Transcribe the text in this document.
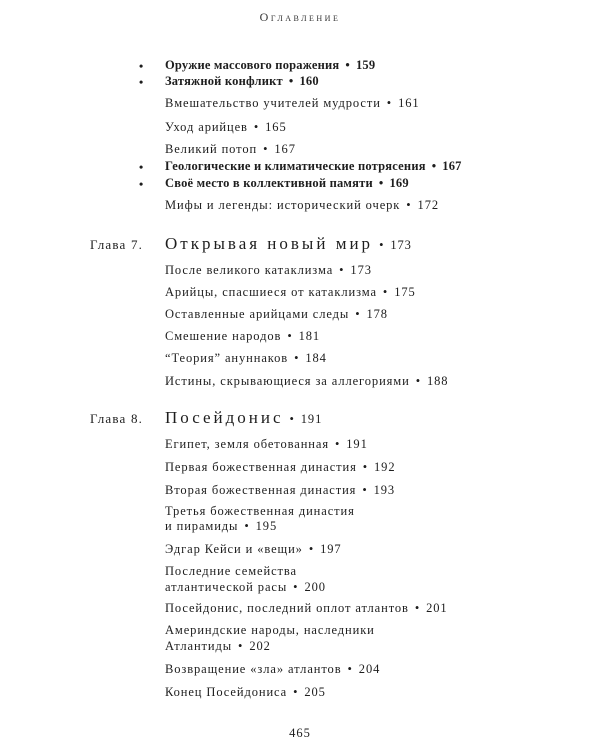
Оглавление
• Оружие массового поражения • 159
• Затяжной конфликт • 160
Вмешательство учителей мудрости • 161
Уход арийцев • 165
Великий потоп • 167
• Геологические и климатические потрясения • 167
• Своё место в коллективной памяти • 169
Мифы и легенды: исторический очерк • 172
Глава 7. Открывая новый мир • 173
После великого катаклизма • 173
Арийцы, спасшиеся от катаклизма • 175
Оставленные арийцами следы • 178
Смешение народов • 181
“Теория” ануннаков • 184
Истины, скрывающиеся за аллегориями • 188
Глава 8. Посейдонис • 191
Египет, земля обетованная • 191
Первая божественная династия • 192
Вторая божественная династия • 193
Третья божественная династия
и пирамиды • 195
Эдгар Кейси и «вещи» • 197
Последние семейства
атлантической расы • 200
Посейдонис, последний оплот атлантов • 201
Америндские народы, наследники
Атлантиды • 202
Возвращение «зла» атлантов • 204
Конец Посейдониса • 205
465
